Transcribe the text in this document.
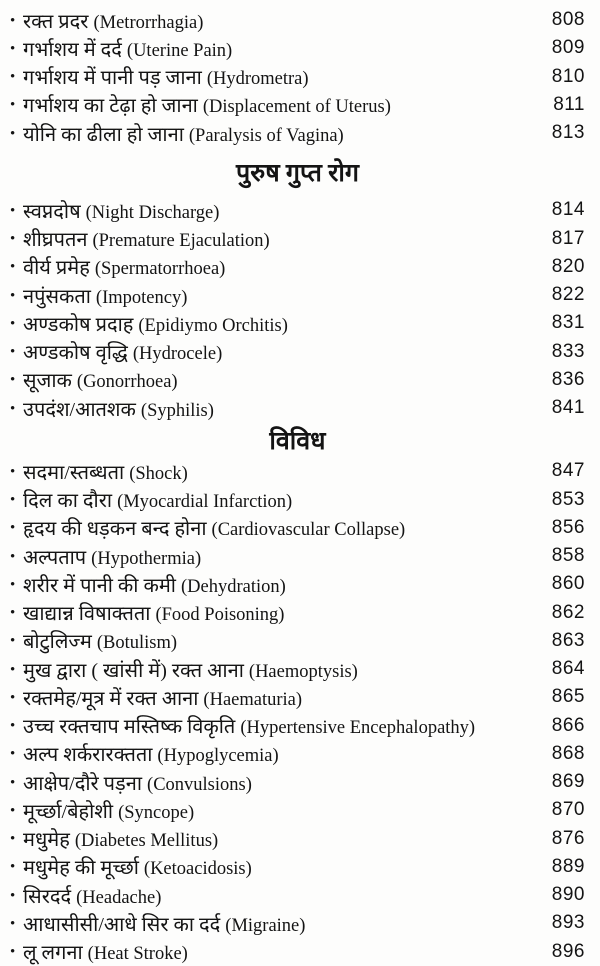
• रक्त प्रदर (Metrorrhagia)	808
• गर्भाशय में दर्द (Uterine Pain)	809
• गर्भाशय में पानी पड़ जाना (Hydrometra)	810
• गर्भाशय का टेढ़ा हो जाना (Displacement of Uterus)	811
• योनि का ढीला हो जाना (Paralysis of Vagina)	813
पुरुष गुप्त रोग
• स्वप्नदोष (Night Discharge)	814
• शीघ्रपतन (Premature Ejaculation)	817
• वीर्य प्रमेह (Spermatorrhoea)	820
• नपुंसकता (Impotency)	822
• अण्डकोष प्रदाह (Epidiymo Orchitis)	831
• अण्डकोष वृद्धि (Hydrocele)	833
• सूजाक (Gonorrhoea)	836
• उपदंश/आतशक (Syphilis)	841
विविध
• सदमा/स्तब्धता (Shock)	847
• दिल का दौरा (Myocardial Infarction)	853
• हृदय की धड़कन बन्द होना (Cardiovascular Collapse)	856
• अल्पताप (Hypothermia)	858
• शरीर में पानी की कमी (Dehydration)	860
• खाद्यान्न विषाक्तता (Food Poisoning)	862
• बोटुलिज्म (Botulism)	863
• मुख द्वारा ( खांसी में) रक्त आना (Haemoptysis)	864
• रक्तमेह/मूत्र में रक्त आना (Haematuria)	865
• उच्च रक्तचाप मस्तिष्क विकृति (Hypertensive Encephalopathy)	866
• अल्प शर्करारक्तता (Hypoglycemia)	868
• आक्षेप/दौरे पड़ना (Convulsions)	869
• मूर्च्छा/बेहोशी (Syncope)	870
• मधुमेह (Diabetes Mellitus)	876
• मधुमेह की मूर्च्छा (Ketoacidosis)	889
• सिरदर्द (Headache)	890
• आधासीसी/आधे सिर का दर्द (Migraine)	893
• लू लगना (Heat Stroke)	896
